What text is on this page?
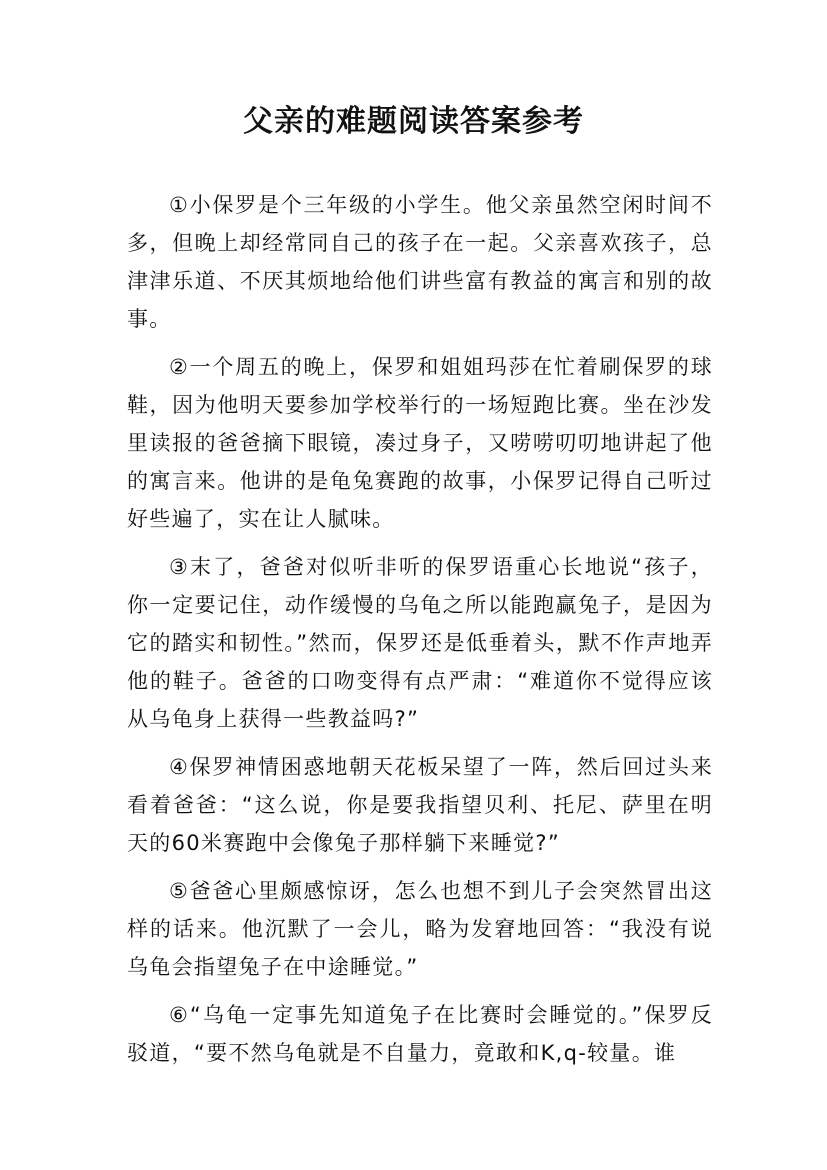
父亲的难题阅读答案参考

①小保罗是个三年级的小学生。他父亲虽然空闲时间不多，但晚上却经常同自己的孩子在一起。父亲喜欢孩子，总津津乐道、不厌其烦地给他们讲些富有教益的寓言和别的故事。

②一个周五的晚上，保罗和姐姐玛莎在忙着刷保罗的球鞋，因为他明天要参加学校举行的一场短跑比赛。坐在沙发里读报的爸爸摘下眼镜，凑过身子，又唠唠叨叨地讲起了他的寓言来。他讲的是龟兔赛跑的故事，小保罗记得自己听过好些遍了，实在让人腻味。

③末了，爸爸对似听非听的保罗语重心长地说“孩子，你一定要记住，动作缓慢的乌龟之所以能跑赢兔子，是因为它的踏实和韧性。”然而，保罗还是低垂着头，默不作声地弄他的鞋子。爸爸的口吻变得有点严肃：“难道你不觉得应该从乌龟身上获得一些教益吗?”

④保罗神情困惑地朝天花板呆望了一阵，然后回过头来看着爸爸：“这么说，你是要我指望贝利、托尼、萨里在明天的60米赛跑中会像兔子那样躺下来睡觉?”

⑤爸爸心里颇感惊讶，怎么也想不到儿子会突然冒出这样的话来。他沉默了一会儿，略为发窘地回答：“我没有说乌龟会指望兔子在中途睡觉。”

⑥“乌龟一定事先知道兔子在比赛时会睡觉的。”保罗反驳道，“要不然乌龟就是不自量力，竟敢和K,q-较量。谁
